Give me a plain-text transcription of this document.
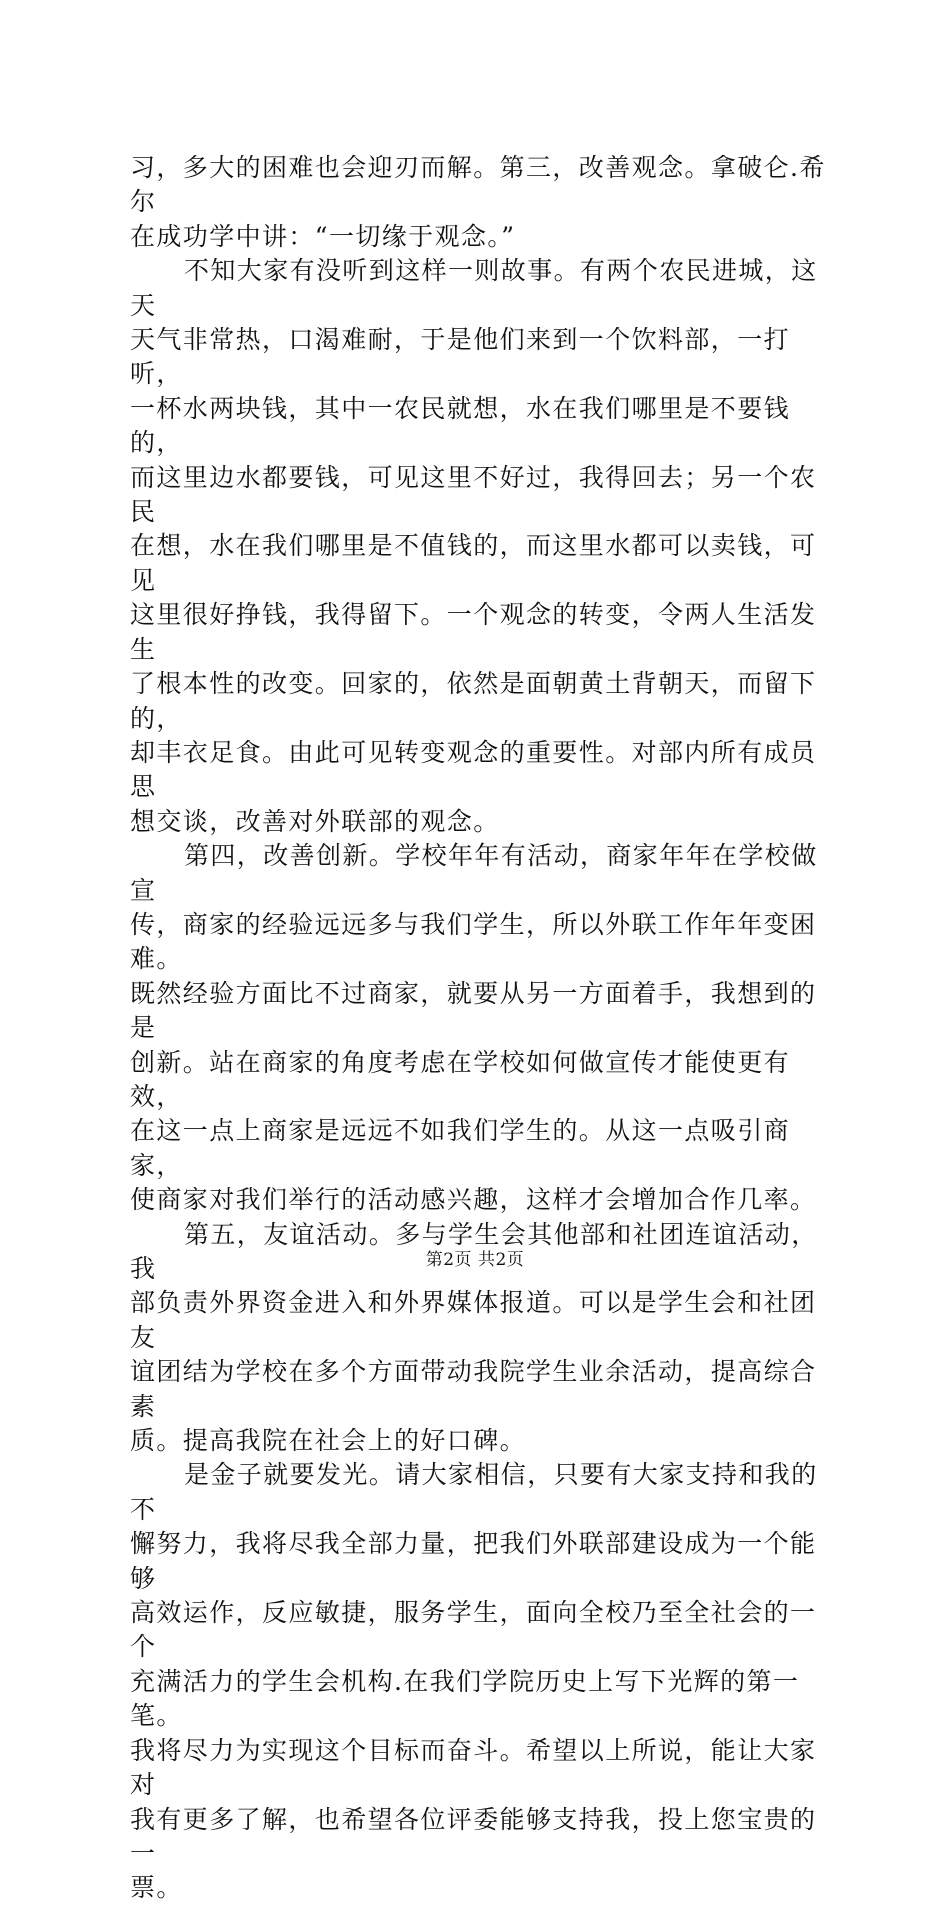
习，多大的困难也会迎刃而解。第三，改善观念。拿破仑.希尔
在成功学中讲：“一切缘于观念。”

不知大家有没听到这样一则故事。有两个农民进城，这天
天气非常热，口渴难耐，于是他们来到一个饮料部，一打听，
一杯水两块钱，其中一农民就想，水在我们哪里是不要钱的，
而这里边水都要钱，可见这里不好过，我得回去；另一个农民
在想，水在我们哪里是不值钱的，而这里水都可以卖钱，可见
这里很好挣钱，我得留下。一个观念的转变，令两人生活发生
了根本性的改变。回家的，依然是面朝黄土背朝天，而留下的，
却丰衣足食。由此可见转变观念的重要性。对部内所有成员思
想交谈，改善对外联部的观念。

第四，改善创新。学校年年有活动，商家年年在学校做宣
传，商家的经验远远多与我们学生，所以外联工作年年变困难。
既然经验方面比不过商家，就要从另一方面着手，我想到的是
创新。站在商家的角度考虑在学校如何做宣传才能使更有效，
在这一点上商家是远远不如我们学生的。从这一点吸引商家，
使商家对我们举行的活动感兴趣，这样才会增加合作几率。

第五，友谊活动。多与学生会其他部和社团连谊活动，我
部负责外界资金进入和外界媒体报道。可以是学生会和社团友
谊团结为学校在多个方面带动我院学生业余活动，提高综合素
质。提高我院在社会上的好口碑。

是金子就要发光。请大家相信，只要有大家支持和我的不
懈努力，我将尽我全部力量，把我们外联部建设成为一个能够
高效运作，反应敏捷，服务学生，面向全校乃至全社会的一个
充满活力的学生会机构.在我们学院历史上写下光辉的第一笔。
我将尽力为实现这个目标而奋斗。希望以上所说，能让大家对
我有更多了解，也希望各位评委能够支持我，投上您宝贵的一
票。

第2页 共2页
